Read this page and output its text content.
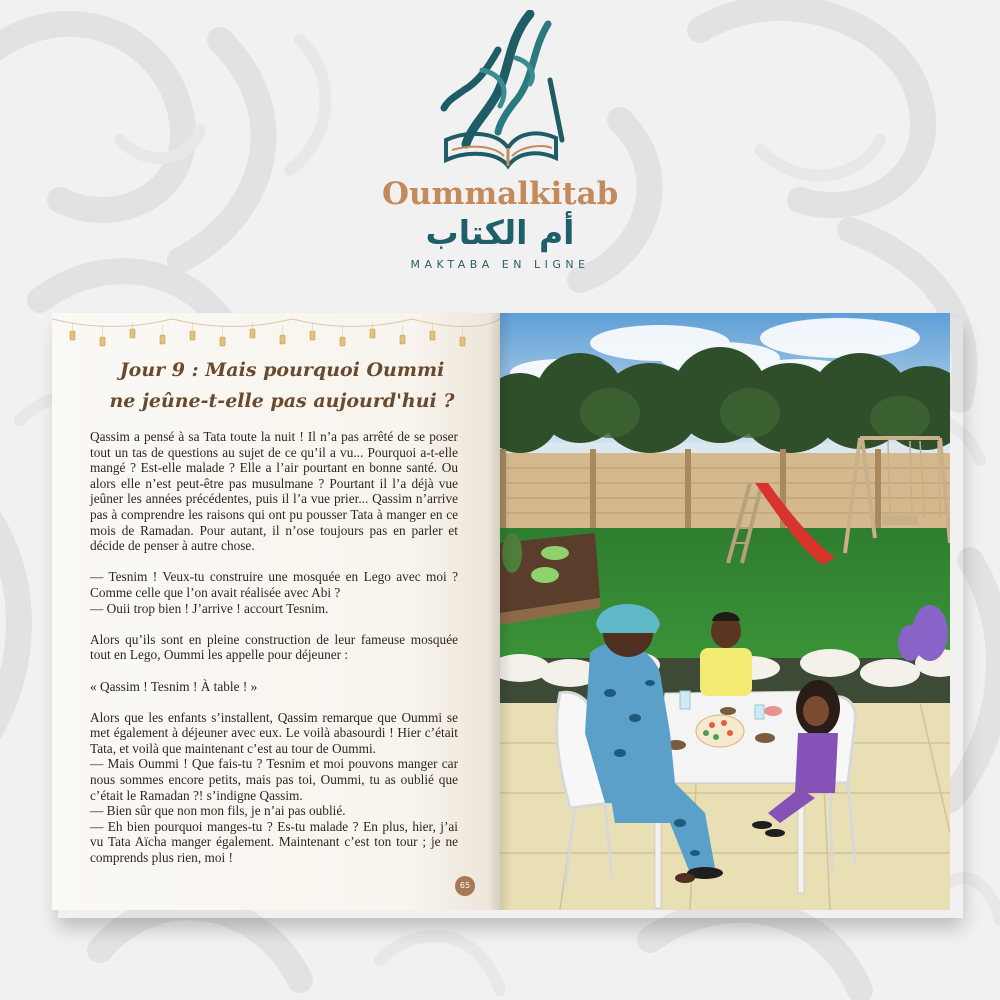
Oummalkitab
أم الكتاب
MAKTABA EN LIGNE
Jour 9 : Mais pourquoi Oummi
ne jeûne-t-elle pas aujourd'hui ?

Qassim a pensé à sa Tata toute la nuit ! Il n’a pas arrêté de se poser tout un tas de questions au sujet de ce qu’il a vu... Pourquoi a-t-elle mangé ? Est-elle malade ? Elle a l’air pourtant en bonne santé. Ou alors elle n’est peut-être pas musulmane ? Pourtant il l’a déjà vue jeûner les années précédentes, puis il l’a vue prier... Qassim n’arrive pas à comprendre les raisons qui ont pu pousser Tata à manger en ce mois de Ramadan. Pour autant, il n’ose toujours pas en parler et décide de penser à autre chose.

— Tesnim ! Veux-tu construire une mosquée en Lego avec moi ? Comme celle que l’on avait réalisée avec Abi ?

— Ouii trop bien ! J’arrive ! accourt Tesnim.

Alors qu’ils sont en pleine construction de leur fameuse mosquée tout en Lego, Oummi les appelle pour déjeuner :

« Qassim ! Tesnim ! À table ! »

Alors que les enfants s’installent, Qassim remarque que Oummi se met également à déjeuner avec eux. Le voilà abasourdi ! Hier c’était Tata, et voilà que maintenant c’est au tour de Oummi.

— Mais Oummi ! Que fais-tu ? Tesnim et moi pouvons manger car nous sommes encore petits, mais pas toi, Oummi, tu as oublié que c’était le Ramadan ?! s’indigne Qassim.

— Bien sûr que non mon fils, je n’ai pas oublié.

— Eh bien pourquoi manges-tu ? Es-tu malade ? En plus, hier, j’ai vu Tata Aïcha manger également. Maintenant c’est ton tour ; je ne comprends plus rien, moi !

65
